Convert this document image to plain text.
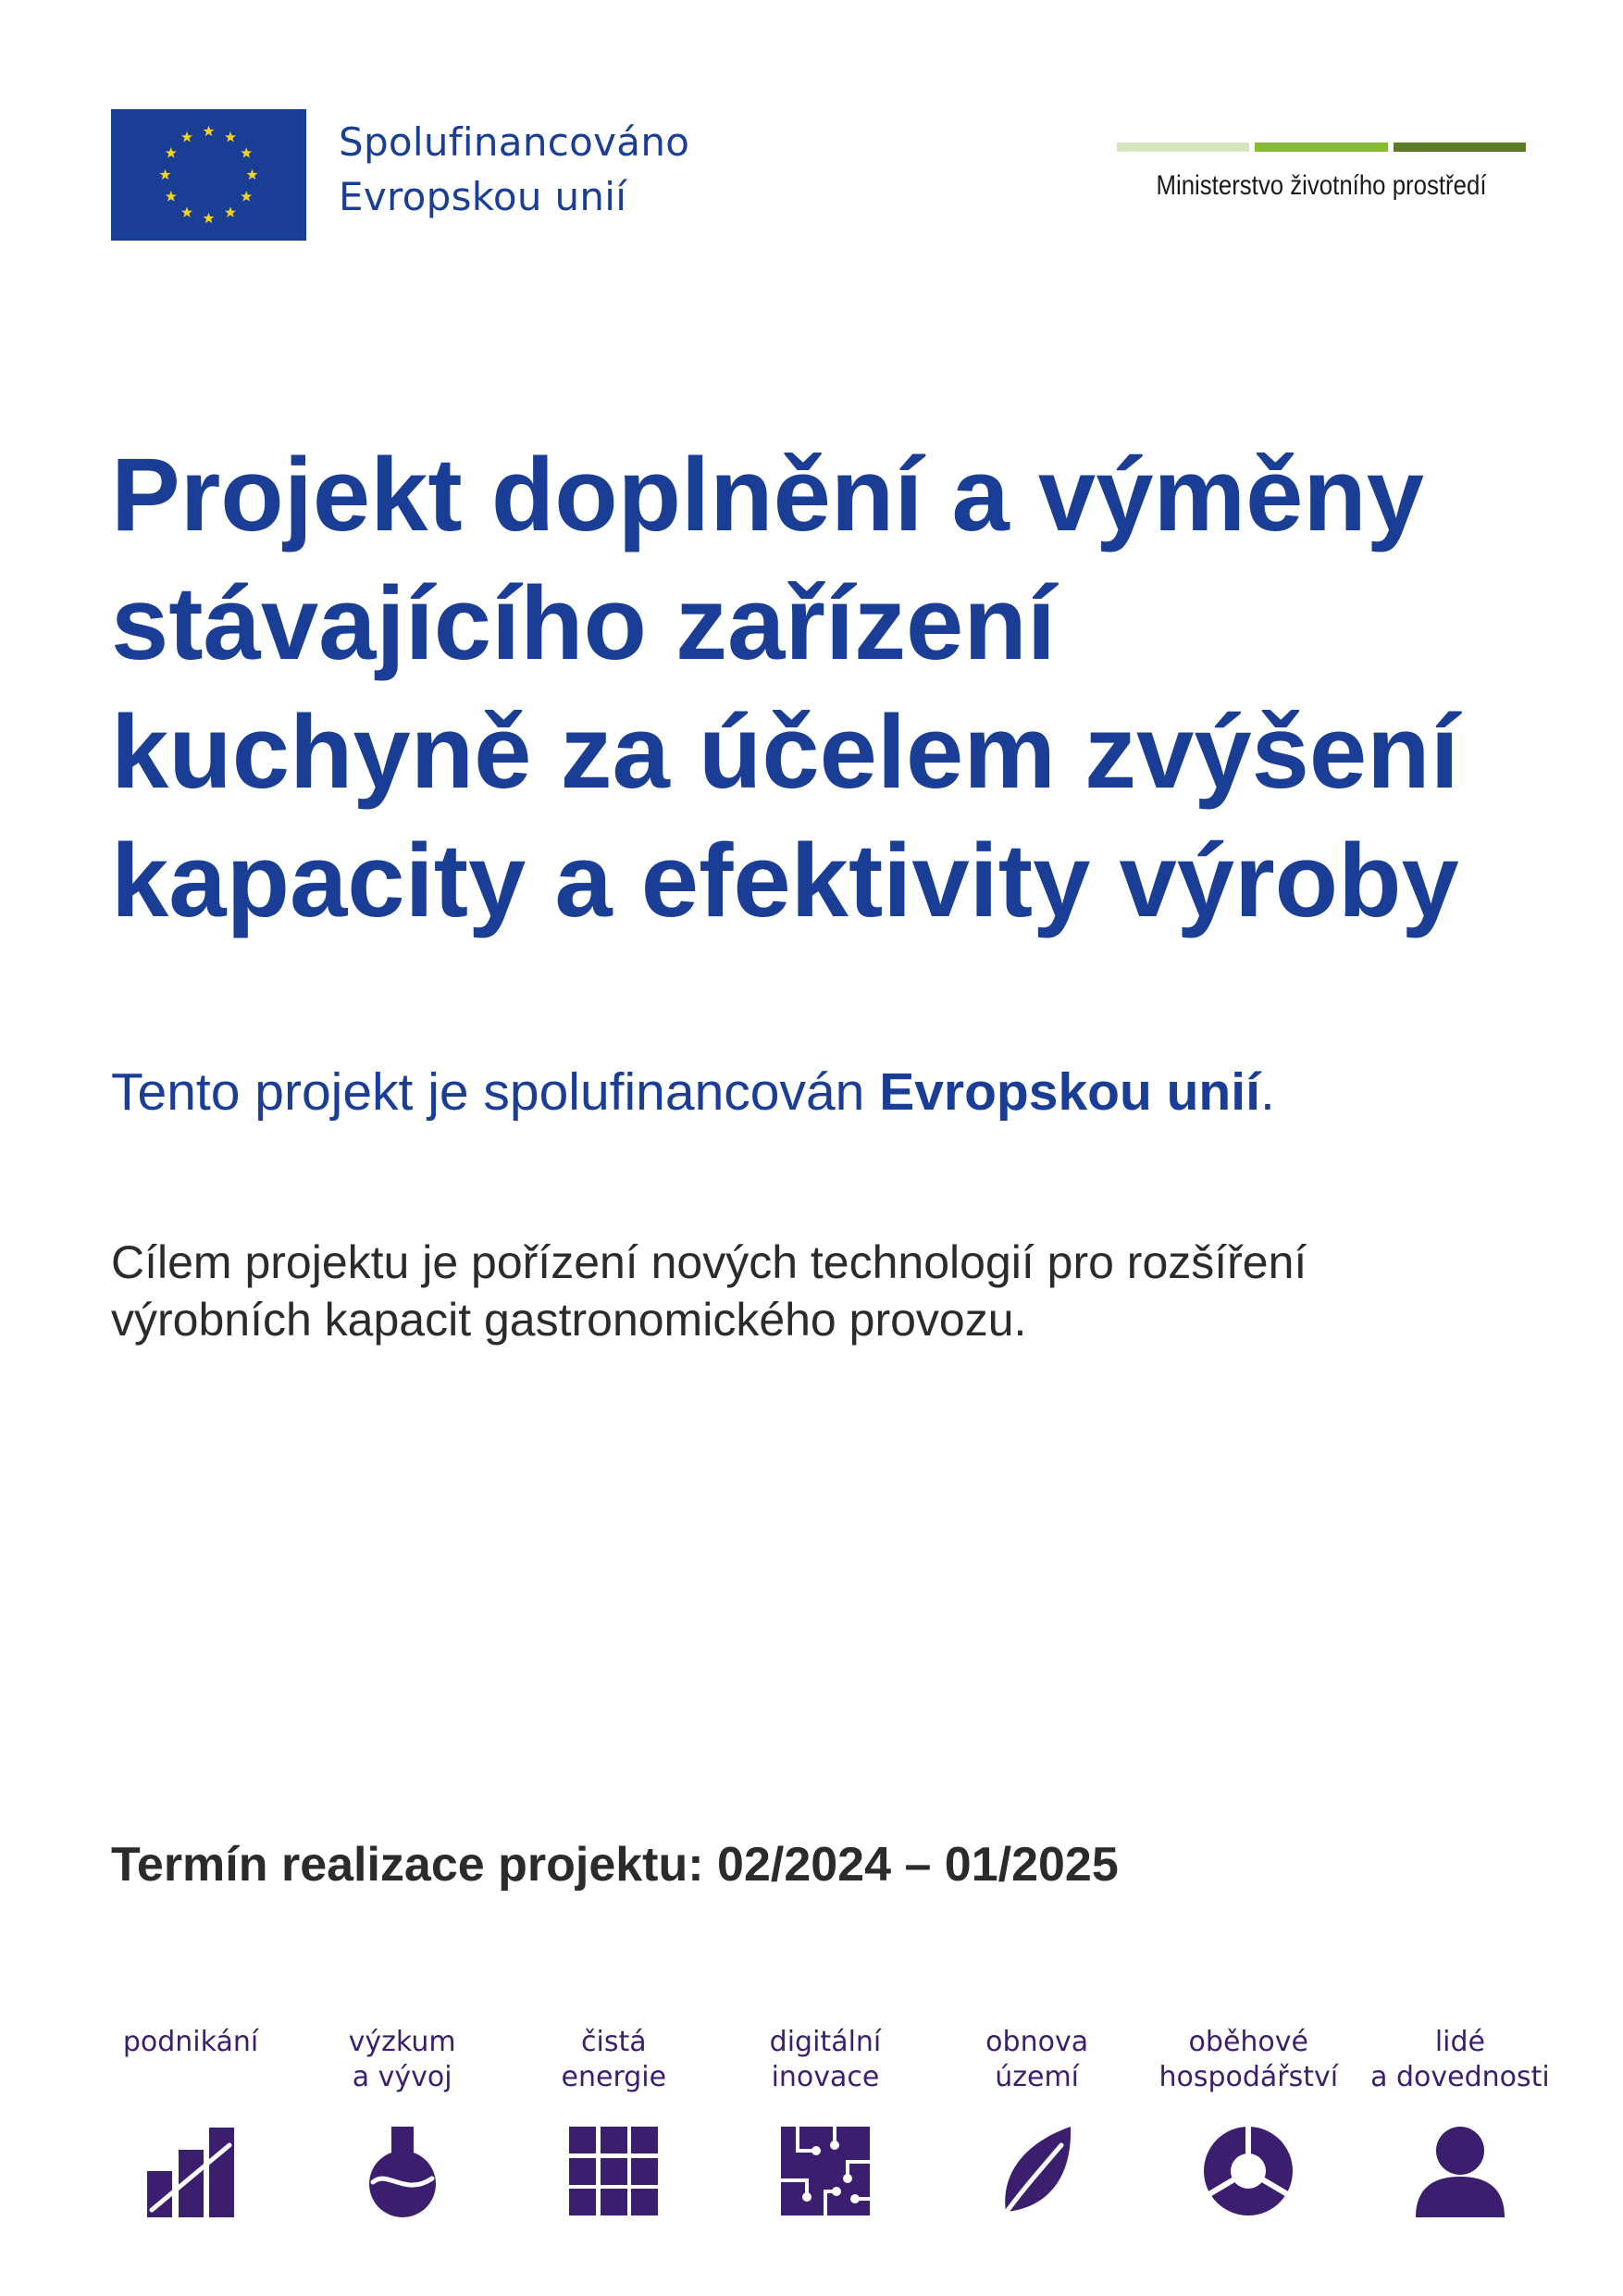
Spolufinancováno
Evropskou unií	Ministerstvo životního prostředí
Projekt doplnění a výměny
stávajícího zařízení
kuchyně za účelem zvýšení
kapacity a efektivity výroby

Tento projekt je spolufinancován Evropskou unií.

Cílem projektu je pořízení nových technologií pro rozšíření
výrobních kapacit gastronomického provozu.

Termín realizace projektu: 02/2024 – 01/2025

podnikání	výzkum
a vývoj
čistá
energie
digitální
inovace
obnova
území
oběhové
hospodářství
lidé
a dovednosti
